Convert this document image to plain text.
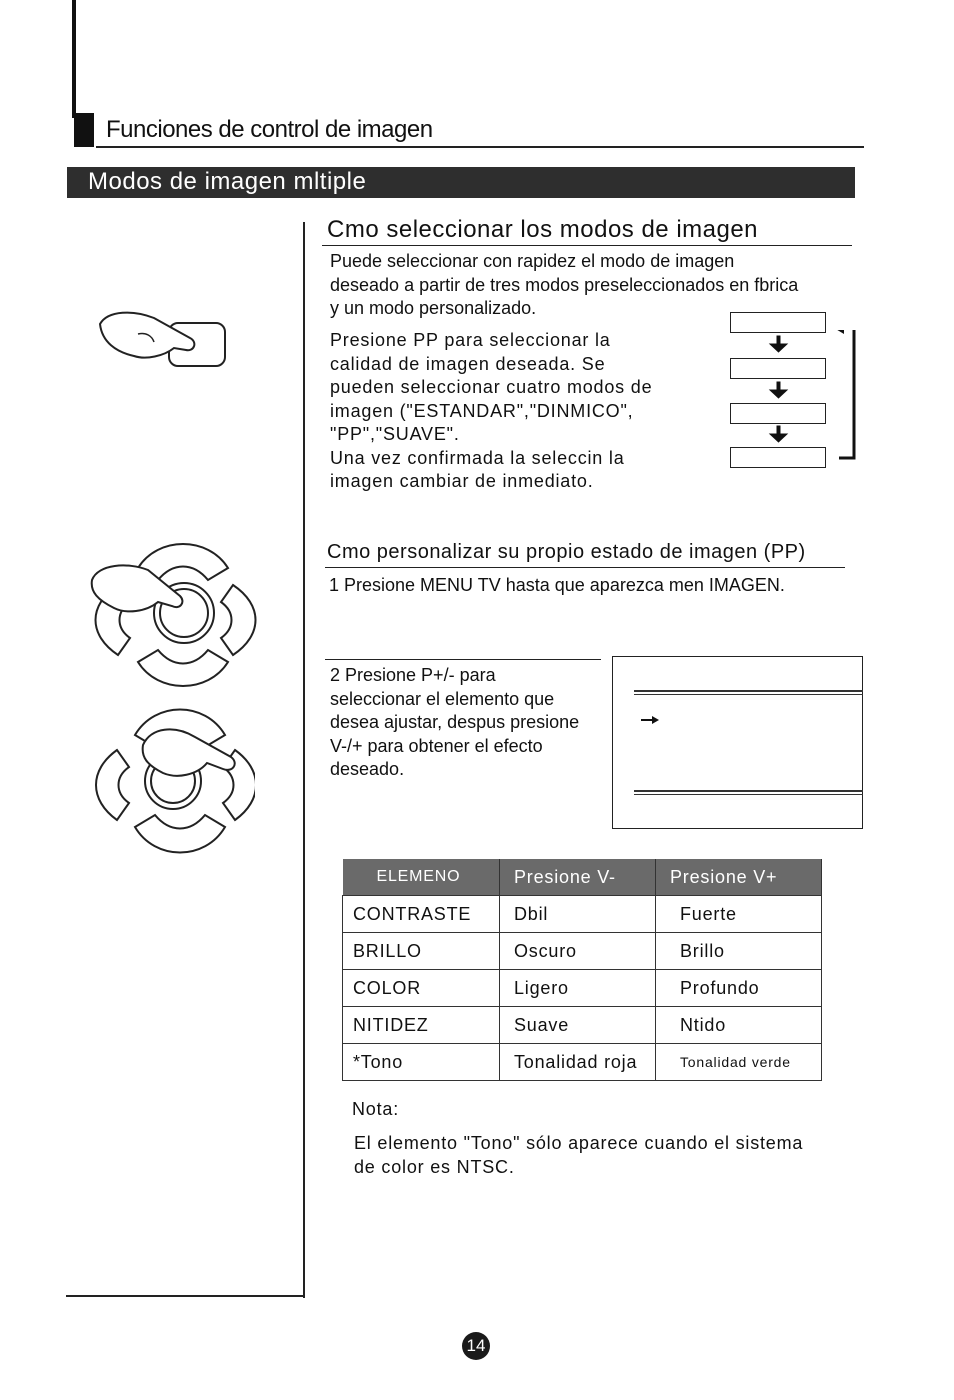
Funciones de control de imagen
Modos de imagen mltiple
Cmo seleccionar los modos de imagen
Puede seleccionar con rapidez el modo de imagen
deseado a partir de tres modos preseleccionados en fbrica
y un modo personalizado.
Presione PP para seleccionar la
calidad de imagen deseada. Se
pueden seleccionar cuatro modos de
imagen ("ESTANDAR","DINMICO",
"PP","SUAVE".
Una vez confirmada la seleccin la
imagen cambiar de inmediato.
Cmo personalizar su propio estado de imagen (PP)
1 Presione MENU TV hasta que aparezca men IMAGEN.
2 Presione P+/- para
seleccionar el elemento que
desea ajustar, despus presione
V-/+ para obtener el efecto
deseado.
ELEMENO	Presione V-	Presione V+
CONTRASTE	Dbil	Fuerte
BRILLO	Oscuro	Brillo
COLOR	Ligero	Profundo
NITIDEZ	Suave	Ntido
*Tono	Tonalidad roja	Tonalidad verde
Nota:
El elemento "Tono" sólo aparece cuando el sistema
de color es NTSC.
14
